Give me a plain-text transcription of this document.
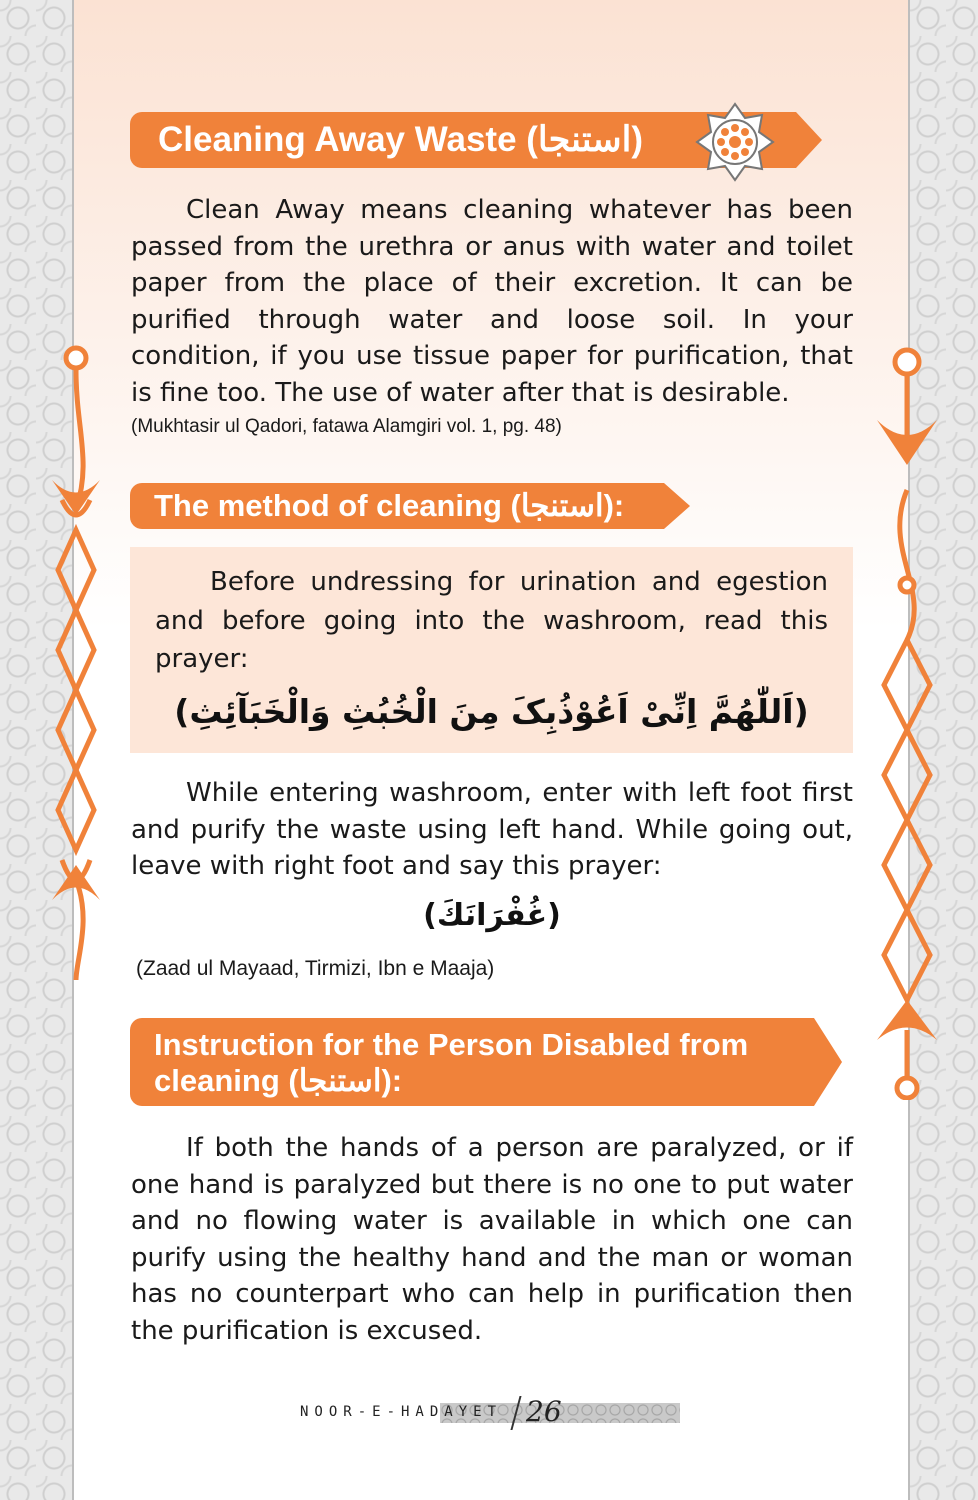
Cleaning Away Waste (استنجا)

Clean Away means cleaning whatever has been passed from the urethra or anus with water and toilet paper from the place of their excretion. It can be purified through water and loose soil. In your condition, if you use tissue paper for purification, that is fine too. The use of water after that is desirable.

(Mukhtasir ul Qadori, fatawa Alamgiri vol. 1, pg. 48)
The method of cleaning (استنجا):

Before undressing for urination and egestion and before going into the washroom, read this prayer:

(اَللّٰھُمَّ اِنِّیْ اَعُوْذُبِکَ مِنَ الْخُبُثِ وَالْخَبَآئِثِ)

While entering washroom, enter with left foot first and purify the waste using left hand. While going out, leave with right foot and say this prayer:

(غُفْرَانَكَ)
(Zaad ul Mayaad, Tirmizi, Ibn e Maaja)
Instruction for the Person Disabled from
cleaning (استنجا):

If both the hands of a person are paralyzed, or if one hand is paralyzed but there is no one to put water and no flowing water is available in which one can purify using the healthy hand and the man or woman has no counterpart who can help in purification then the purification is excused.

NOOR-E-HADAYET 26
